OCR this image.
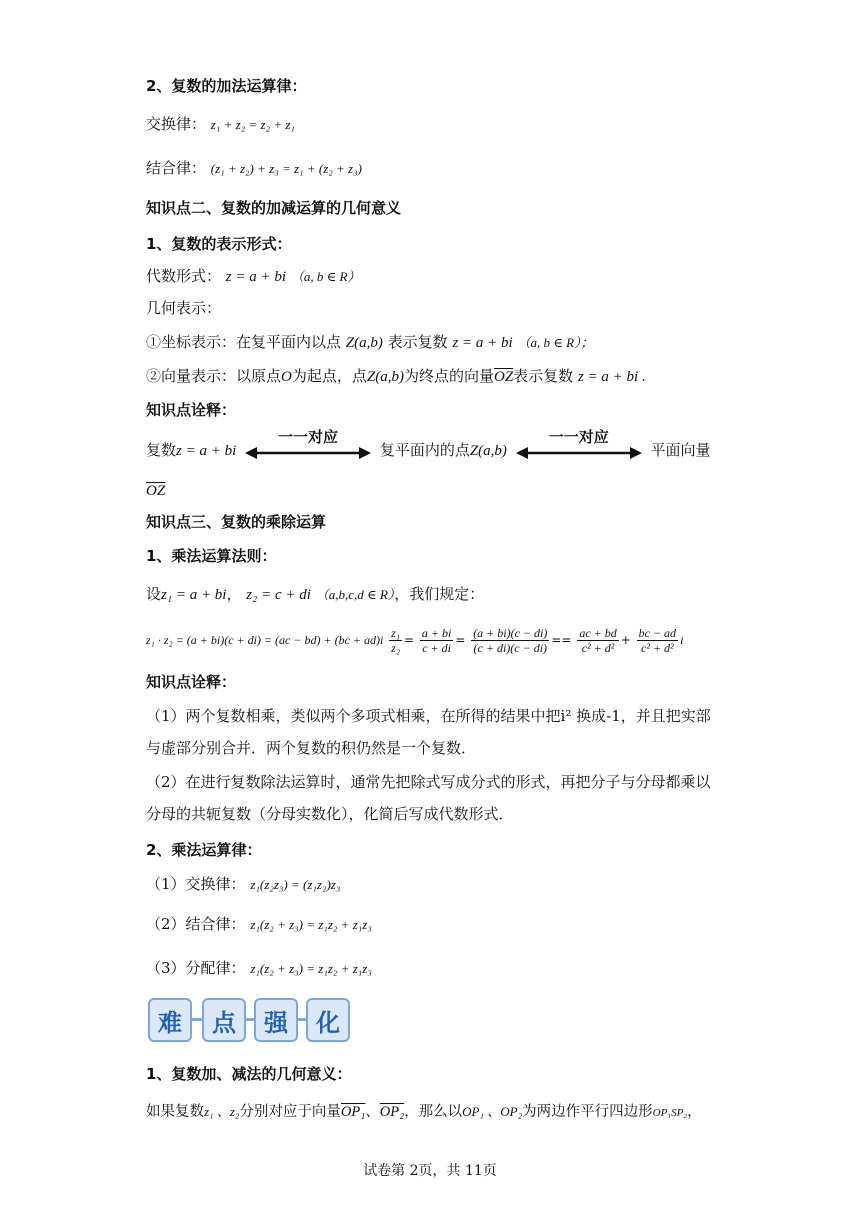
2、复数的加法运算律：
交换律： z₁ + z₂ = z₂ + z₁
结合律： (z₁ + z₂) + z₃ = z₁ + (z₂ + z₃)
知识点二、复数的加减运算的几何意义
1、复数的表示形式：
代数形式： z = a + bi （a, b ∈ R）
几何表示：
①坐标表示：在复平面内以点 Z(a,b) 表示复数 z = a + bi （a, b ∈ R）；
②向量表示：以原点O为起点，点Z(a,b)为终点的向量$\overline{OZ}$表示复数 z = a + bi .
知识点诠释：
复数z = a + bi
一一对应
复平面内的点Z(a,b)
一一对应
平面向量
$\overline{OZ}$
知识点三、复数的乘除运算
1、乘法运算法则：
设z₁ = a + bi， z₂ = c + di （a,b,c,d ∈ R），我们规定：
$z_1 \cdot z_2 = (a + bi)(c + di) = (ac - bd) + (bc + ad)i \frac{\text{z₁}}{\text{z₂}} = \frac{a + bi}{c + di} = \frac{(a + bi)(c - di)}{(c + di)(c - di)} == \frac{ac + bd}{\text{c² + d²}} + \frac{bc - ad}{\text{c² + d²}}$ i
知识点诠释：
（1）两个复数相乘，类似两个多项式相乘，在所得的结果中把i² 换成-1，并且把实部
与虚部分别合并．两个复数的积仍然是一个复数．
（2）在进行复数除法运算时，通常先把除式写成分式的形式，再把分子与分母都乘以
分母的共轭复数（分母实数化），化简后写成代数形式．
2、乘法运算律：
（1）交换律： z₁(z₂z₃) = (z₁z₂)z₃
（2）结合律： z₁(z₂ + z₃) = z₁z₂ + z₁z₃
（3）分配律： z₁(z₂ + z₃) = z₁z₂ + z₁z₃
难	点	强	化
1、复数加、减法的几何意义：
如果复数z₁ 、z₂分别对应于向量OP₁、OP₂，那么以OP₁ 、OP₂为两边作平行四边形OP₁SP₂，
试卷第 2页，共 11页
